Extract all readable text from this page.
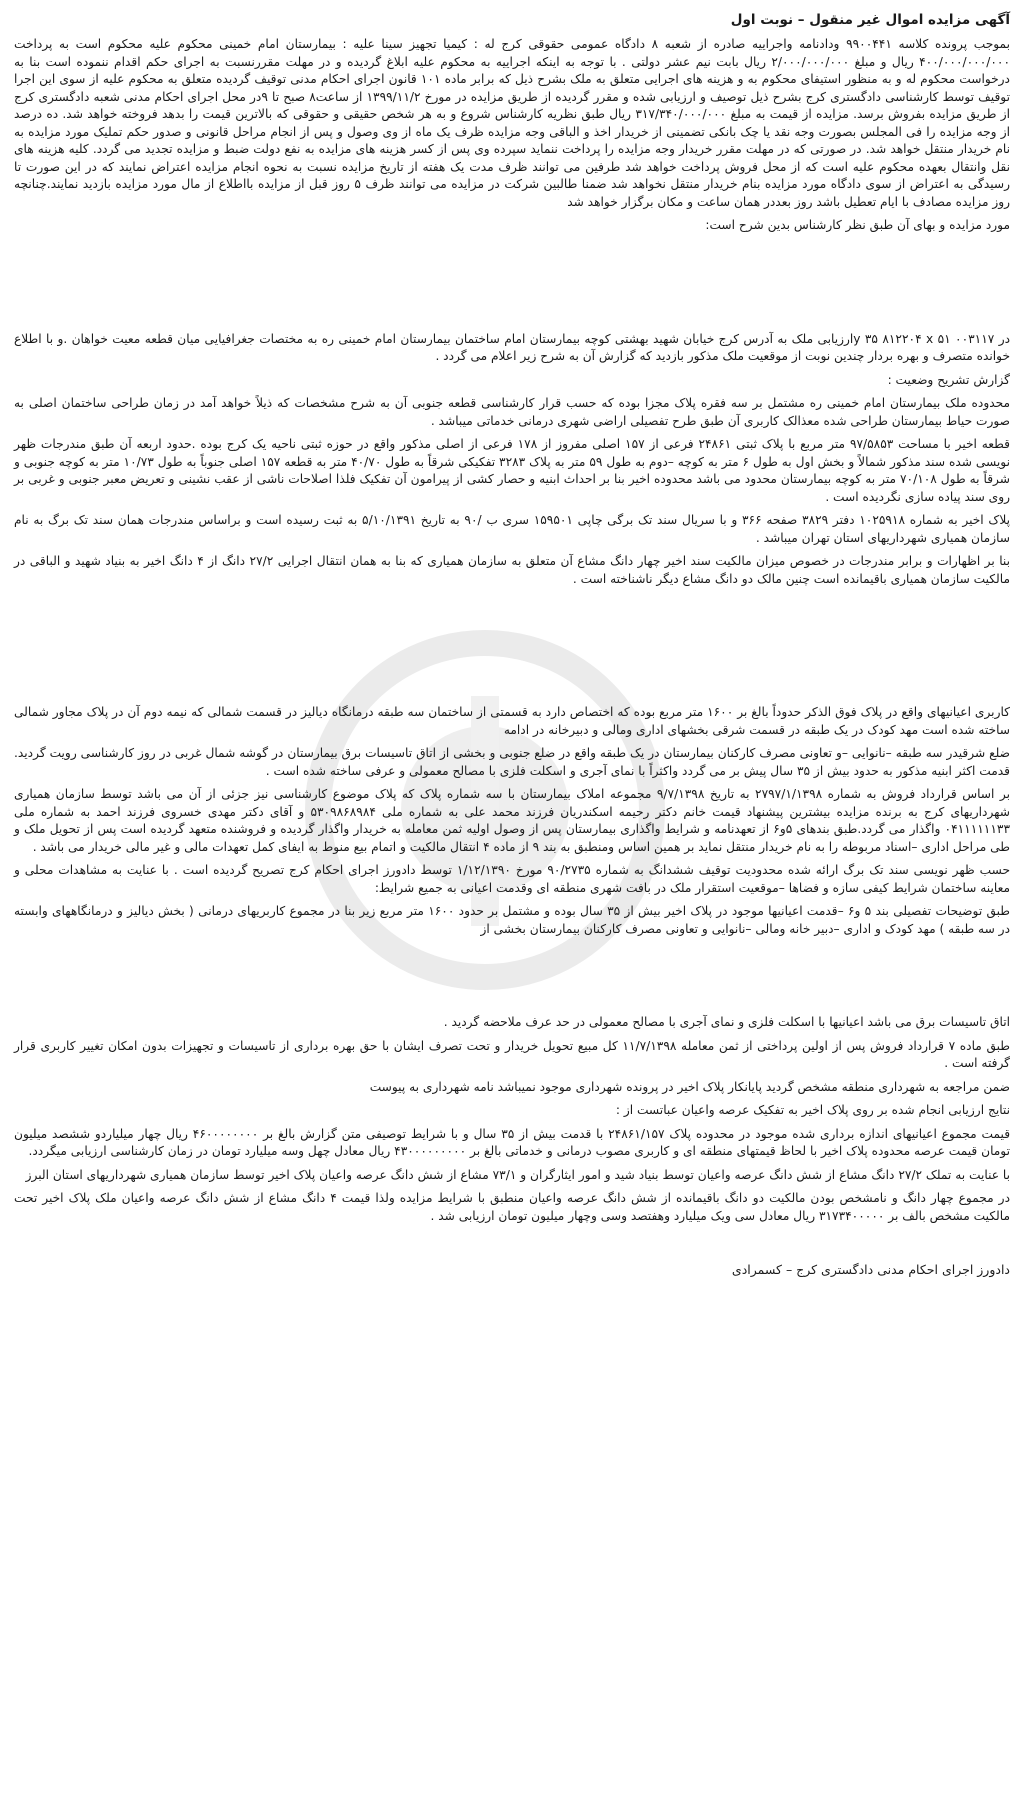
آگهی مزایده اموال غیر منقول – نوبت اول

بموجب پرونده کلاسه ۹۹۰۰۴۴۱ ودادنامه واجراییه صادره از شعبه ۸ دادگاه عمومی حقوقی کرج له : کیمیا تجهیز سینا علیه : بیمارستان امام خمینی محکوم علیه محکوم است به پرداخت ۴۰۰/۰۰۰/۰۰۰/۰۰۰ ریال و مبلغ ۲/۰۰۰/۰۰۰/۰۰۰ ریال بابت نیم عشر دولتی . با توجه به اینکه اجراییه به محکوم علیه ابلاغ گردیده و در مهلت مقررنسبت به اجرای حکم اقدام ننموده است بنا به درخواست محکوم له و به منظور استیفای محکوم به و هزینه های اجرایی متعلق به ملک بشرح ذیل که برابر ماده ۱۰۱ قانون اجرای احکام مدنی توقیف گردیده متعلق به محکوم علیه از سوی این اجرا توقیف توسط کارشناسی دادگستری کرج بشرح ذیل توصیف و ارزیابی شده و مقرر گردیده از طریق مزایده در مورخ ۱۳۹۹/۱۱/۲ از ساعت۸ صبح تا ۹در محل اجرای احکام مدنی شعبه دادگستری کرج از طریق مزایده بفروش برسد. مزایده از قیمت به مبلغ ۳۱۷/۳۴۰/۰۰۰/۰۰۰ ریال طبق نظریه کارشناس شروع و به هر شخص حقیقی و حقوقی که بالاترین قیمت را بدهد فروخته خواهد شد. ده درصد از وجه مزایده را فی المجلس بصورت وجه نقد یا چک بانکی تضمینی از خریدار اخذ و الباقی وجه مزایده ظرف یک ماه از وی وصول و پس از انجام مراحل قانونی و صدور حکم تملیک مورد مزایده به نام خریدار منتقل خواهد شد. در صورتی که در مهلت مقرر خریدار وجه مزایده را پرداخت ننماید سپرده وی پس از کسر هزینه های مزایده به نفع دولت ضبط و مزایده تجدید می گردد. کلیه هزینه های نقل وانتقال بعهده محکوم علیه است که از محل فروش پرداخت خواهد شد طرفین می توانند ظرف مدت یک هفته از تاریخ مزایده نسبت به نحوه انجام مزایده اعتراض نمایند که در این صورت تا رسیدگی به اعتراض از سوی دادگاه مورد مزایده بنام خریدار منتقل نخواهد شد ضمنا طالبین شرکت در مزایده می توانند ظرف ۵ روز قبل از مزایده بااطلاع از مال مورد مزایده بازدید نمایند.چنانچه روز مزایده مصادف با ایام تعطیل باشد روز بعددر همان ساعت و مکان برگزار خواهد شد

مورد مزایده و بهای آن طبق نظر کارشناس بدین شرح است:

در ۰۰۳۱۱۷ ۵۱ y ۳۵ ۸۱۲۲۰۴ xارزیابی ملک به آدرس کرج خیابان شهید بهشتی کوچه بیمارستان امام ساختمان بیمارستان امام خمینی ره به مختصات جغرافیایی میان قطعه معیت خواهان .و با اطلاع خوانده متصرف و بهره بردار چندین نوبت از موقعیت ملک مذکور بازدید که گزارش آن به شرح زیر اعلام می گردد .

گزارش تشریح وضعیت :

محدوده ملک بیمارستان امام خمینی ره مشتمل بر سه فقره پلاک مجزا بوده که حسب قرار کارشناسی قطعه جنوبی آن به شرح مشخصات که ذیلاً خواهد آمد در زمان طراحی ساختمان اصلی به صورت حیاط بیمارستان طراحی شده معذالک کاربری آن طبق طرح تفصیلی اراضی شهری درمانی خدماتی میباشد .

قطعه اخیر با مساحت ۹۷/۵۸۵۳ متر مربع با پلاک ثبتی ۲۴۸۶۱ فرعی از ۱۵۷ اصلی مفروز از ۱۷۸ فرعی از اصلی مذکور واقع در حوزه ثبتی ناحیه یک کرج بوده .حدود اربعه آن طبق مندرجات ظهر نویسی شده سند مذکور شمالاً و بخش اول به طول ۶ متر به کوچه –دوم به طول ۵۹ متر به پلاک ۳۲۸۳ تفکیکی شرقاً به طول ۴۰/۷۰ متر به قطعه ۱۵۷ اصلی جنوباً به طول ۱۰/۷۳ متر به کوچه جنوبی و شرقاً به طول ۷۰/۱۰۸ متر به کوچه بیمارستان محدود می باشد محدوده اخیر بنا بر احداث ابنیه و حصار کشی از پیرامون آن تفکیک فلذا اصلاحات ناشی از عقب نشینی و تعریض معبر جنوبی و غربی بر روی سند پیاده سازی نگردیده است .

پلاک اخیر به شماره ۱۰۲۵۹۱۸ دفتر ۳۸۲۹ صفحه ۳۶۶ و با سریال سند تک برگی چاپی ۱۵۹۵۰۱ سری ب /۹۰ به تاریخ ۵/۱۰/۱۳۹۱ به ثبت رسیده است و براساس مندرجات همان سند تک برگ به نام سازمان همیاری شهرداریهای استان تهران میباشد .

بنا بر اظهارات و برابر مندرجات در خصوص میزان مالکیت سند اخیر چهار دانگ مشاع آن متعلق به سازمان همیاری که بنا به همان انتقال اجرایی ۲۷/۲ دانگ از ۴ دانگ اخیر به بنیاد شهید و الباقی در مالکیت سازمان همیاری باقیمانده است چنین مالک دو دانگ مشاع دیگر ناشناخته است .

کاربری اعیانیهای واقع در پلاک فوق الذکر حدوداً بالغ بر ۱۶۰۰ متر مربع بوده که اختصاص دارد به قسمتی از ساختمان سه طبقه درمانگاه دیالیز در قسمت شمالی که نیمه دوم آن در پلاک مجاور شمالی ساخته شده است مهد کودک در یک طبقه در قسمت شرقی بخشهای اداری ومالی و دبیرخانه در ادامه

ضلع شرقیدر سه طبقه –نانوایی –و تعاونی مصرف کارکنان بیمارستان در یک طبقه واقع در ضلع جنوبی و بخشی از اتاق تاسیسات برق بیمارستان در گوشه شمال غربی در روز کارشناسی رویت گردید. قدمت اکثر ابنیه مذکور به حدود بیش از ۳۵ سال پیش بر می گردد واکثراً با نمای آجری و اسکلت فلزی با مصالح معمولی و عرفی ساخته شده است .

بر اساس قرارداد فروش به شماره ۲۷۹۷/۱/۱۳۹۸ به تاریخ ۹/۷/۱۳۹۸ مجموعه املاک بیمارستان با سه شماره پلاک که پلاک موضوع کارشناسی نیز جزئی از آن می باشد توسط سازمان همیاری شهرداریهای کرج به برنده مزایده بیشترین پیشنهاد قیمت خانم دکتر رحیمه اسکندریان فرزند محمد علی به شماره ملی ۵۳۰۹۸۶۸۹۸۴ و آقای دکتر مهدی خسروی فرزند احمد به شماره ملی ۰۴۱۱۱۱۱۱۳۳ واگذار می گردد.طبق بندهای ۵و۶ از تعهدنامه و شرایط واگذاری بیمارستان پس از وصول اولیه ثمن معامله به خریدار واگذار گردیده و فروشنده متعهد گردیده است پس از تحویل ملک و طی مراحل اداری –اسناد مربوطه را به نام خریدار منتقل نماید بر همین اساس ومنطبق به بند ۹ از ماده ۴ انتقال مالکیت و اتمام بیع منوط به ایفای کمل تعهدات مالی و غیر مالی خریدار می باشد .

حسب ظهر نویسی سند تک برگ ارائه شده محدودیت توقیف ششدانگ به شماره ۹۰/۲۷۳۵ مورخ ۱/۱۲/۱۳۹۰ توسط دادورز اجرای احکام کرج تصریح گردیده است . با عنایت به مشاهدات محلی و معاینه ساختمان شرایط کیفی سازه و فضاها –موقعیت استقرار ملک در بافت شهری منطقه ای وقدمت اعیانی به جمیع شرایط:

طبق توضیحات تفصیلی بند ۵ و۶ –قدمت اعیانیها موجود در پلاک اخیر بیش از ۳۵ سال بوده و مشتمل بر حدود ۱۶۰۰ متر مربع زیر بنا در مجموع کاربریهای درمانی ( بخش دیالیز و درمانگاههای وابسته در سه طبقه ) مهد کودک و اداری –دبیر خانه ومالی –نانوایی و تعاونی مصرف کارکنان بیمارستان بخشی از

اتاق تاسیسات برق می باشد اعیانیها با اسکلت فلزی و نمای آجری با مصالح معمولی در حد عرف ملاحضه گردید .

طبق ماده ۷ قرارداد فروش پس از اولین پرداختی از ثمن معامله ۱۱/۷/۱۳۹۸ کل مبیع تحویل خریدار و تحت تصرف ایشان با حق بهره برداری از تاسیسات و تجهیزات بدون امکان تغییر کاربری قرار گرفته است .

ضمن مراجعه به شهرداری منطقه مشخص گردید پایانکار پلاک اخیر در پرونده شهرداری موجود نمیباشد نامه شهرداری به پیوست

نتایج ارزیابی انجام شده بر روی پلاک اخیر به تفکیک عرصه واعیان عباتست از :

قیمت مجموع اعیانیهای اندازه برداری شده موجود در محدوده پلاک ۲۴۸۶۱/۱۵۷ با قدمت بیش از ۳۵ سال و با شرایط توصیفی متن گزارش بالغ بر ۴۶۰۰۰۰۰۰۰۰ ریال چهار میلیاردو ششصد میلیون تومان قیمت عرصه محدوده پلاک اخیر با لحاظ قیمتهای منطقه ای و کاربری مصوب درمانی و خدماتی بالغ بر ۴۳۰۰۰۰۰۰۰۰۰ ریال معادل چهل وسه میلیارد تومان در زمان کارشناسی ارزیابی میگردد.

با عنایت به تملک ۲۷/۲ دانگ مشاع از شش دانگ عرصه واعیان توسط بنیاد شید و امور ایثارگران و ۷۳/۱ مشاع از شش دانگ عرصه واعیان پلاک اخیر توسط سازمان همیاری شهرداریهای استان البرز

در مجموع چهار دانگ و نامشخص بودن مالکیت دو دانگ باقیمانده از شش دانگ عرصه واعیان منطبق با شرایط مزایده ولذا قیمت ۴ دانگ مشاع از شش دانگ عرصه واعیان ملک پلاک اخیر تحت مالکیت مشخص بالف بر ۳۱۷۳۴۰۰۰۰۰ ریال معادل سی ویک میلیارد وهفتصد وسی وچهار میلیون تومان ارزیابی شد .

دادورز اجرای احکام مدنی دادگستری کرج – کسمرادی
